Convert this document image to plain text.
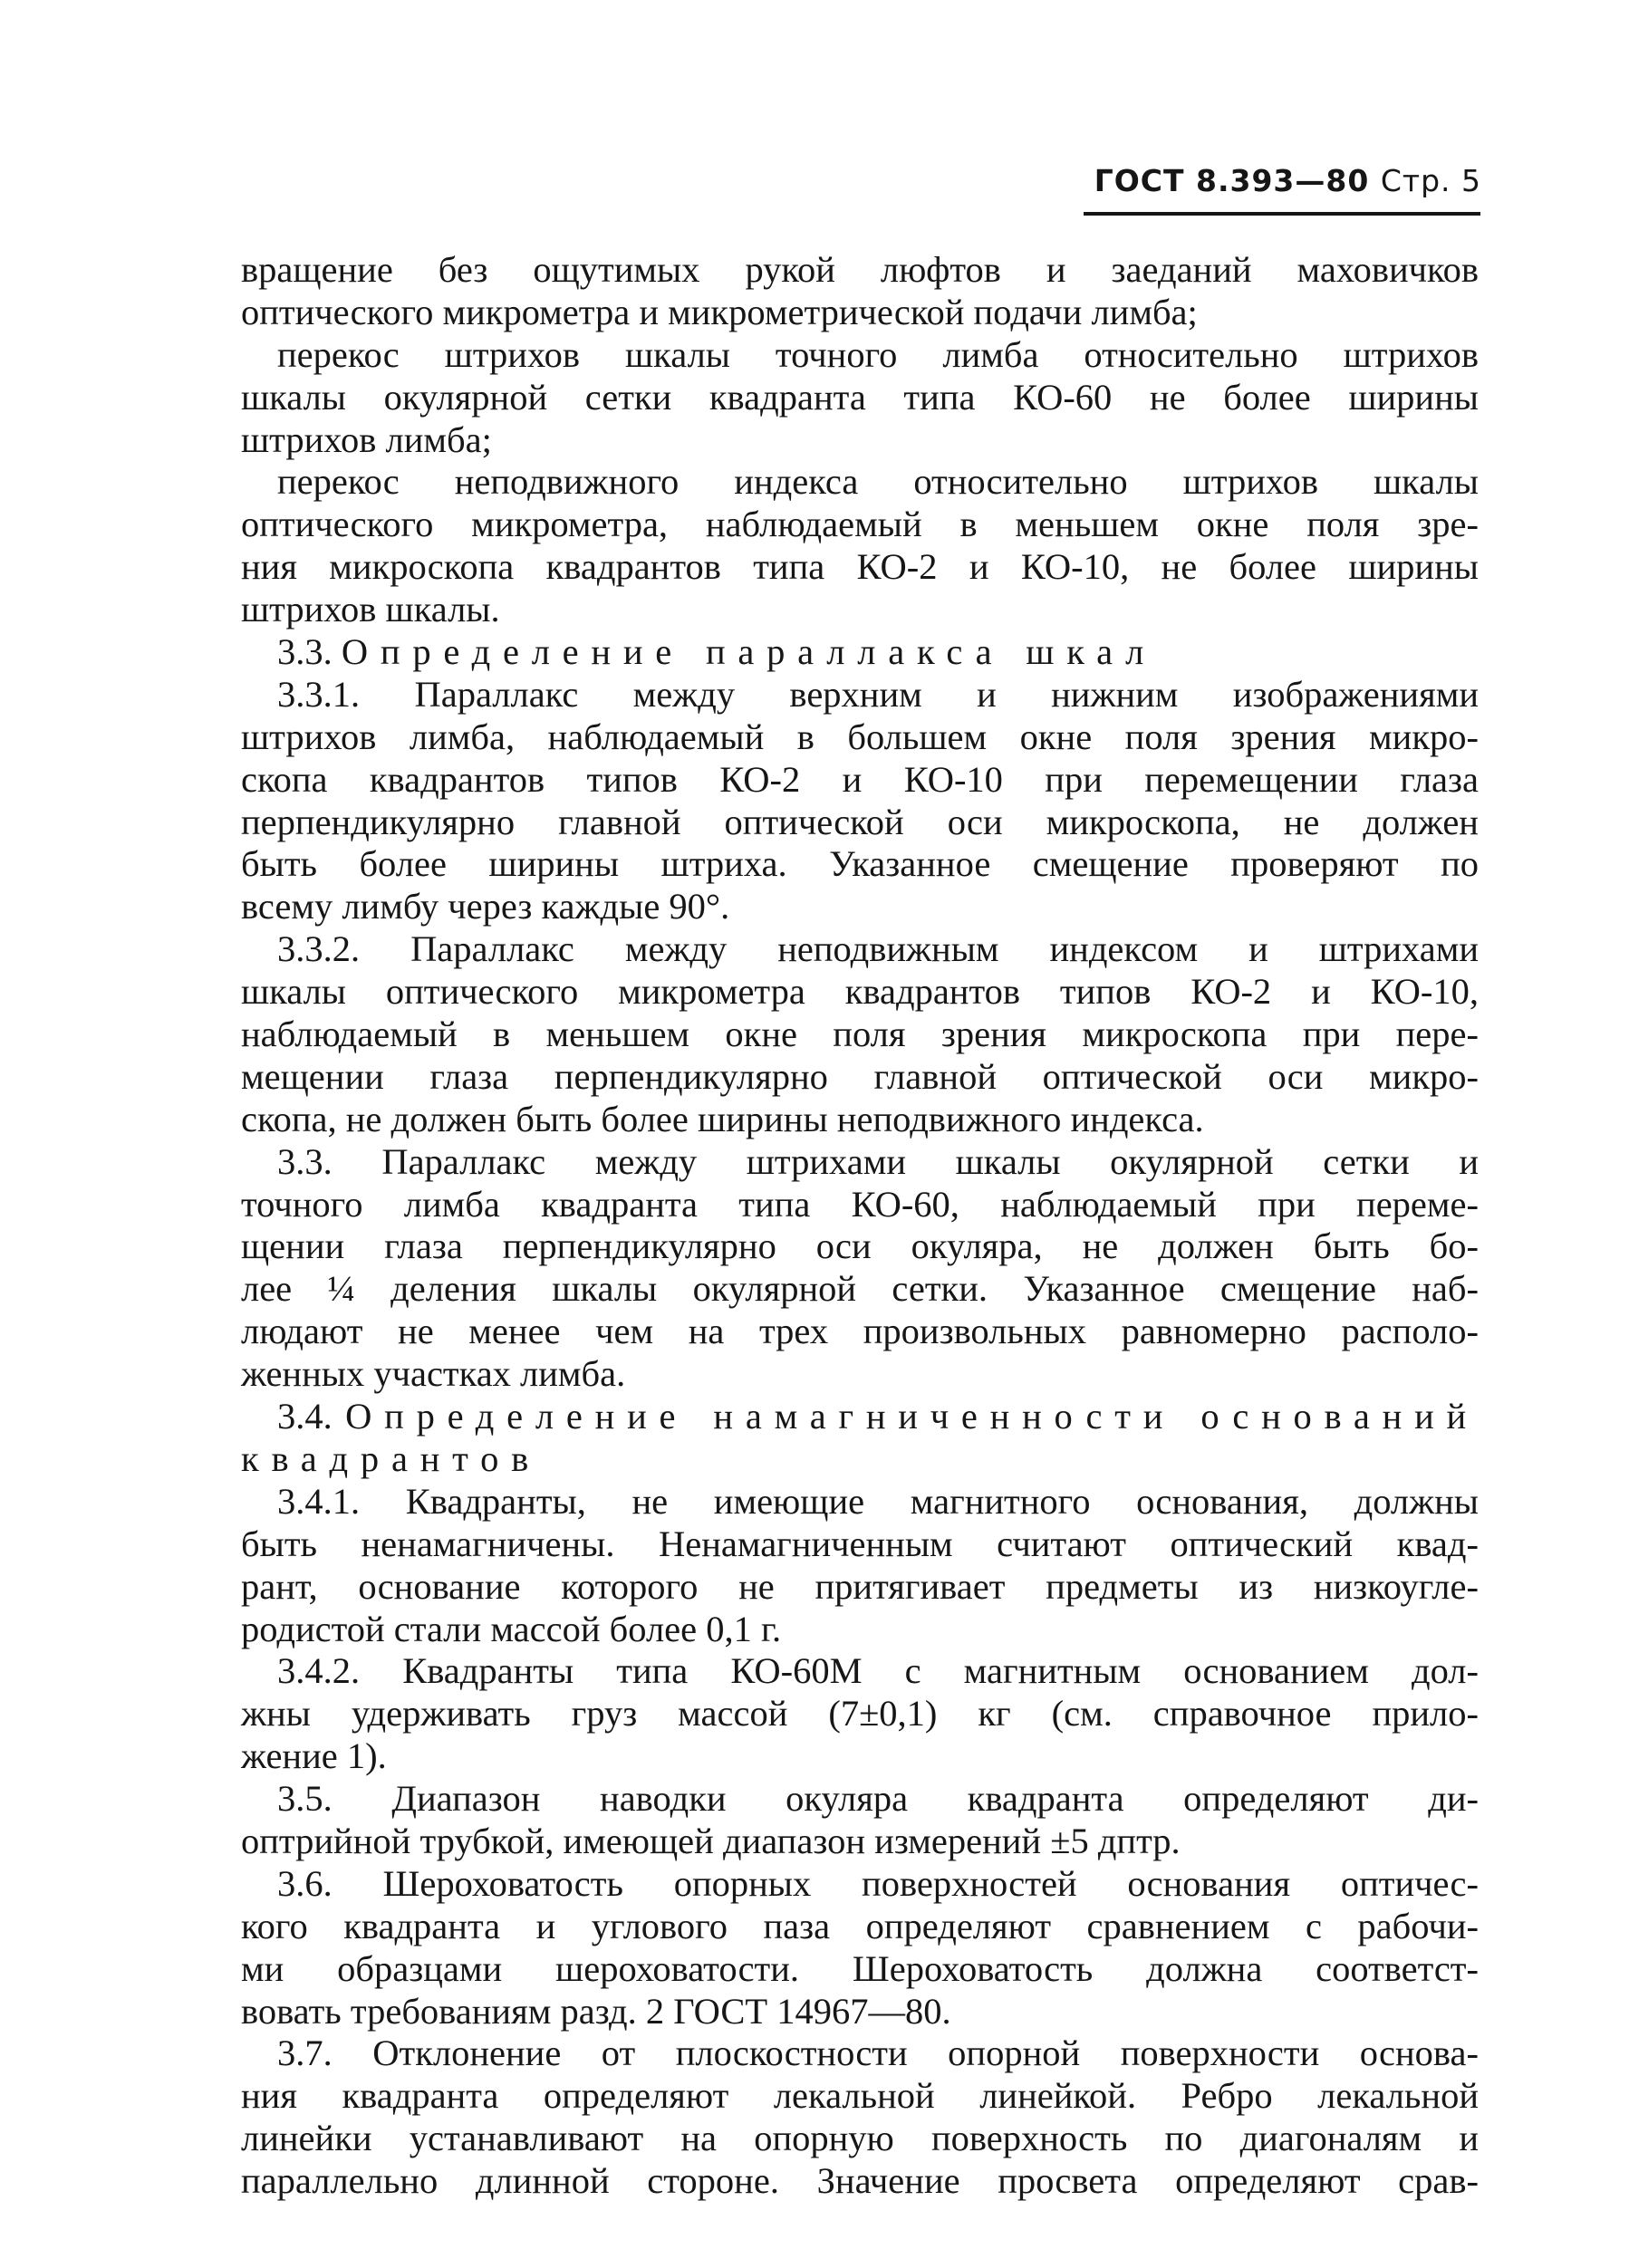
ГОСТ 8.393—80 Стр. 5
вращение без ощутимых рукой люфтов и заеданий маховичков
оптического микрометра и микрометрической подачи лимба;
перекос штрихов шкалы точного лимба относительно штрихов
шкалы окулярной сетки квадранта типа КО-60 не более ширины
штрихов лимба;
перекос неподвижного индекса относительно штрихов шкалы
оптического микрометра, наблюдаемый в меньшем окне поля зре-
ния микроскопа квадрантов типа КО-2 и КО-10, не более ширины
штрихов шкалы.
3.3. Определение параллакса шкал
3.3.1. Параллакс между верхним и нижним изображениями
штрихов лимба, наблюдаемый в большем окне поля зрения микро-
скопа квадрантов типов КО-2 и КО-10 при перемещении глаза
перпендикулярно главной оптической оси микроскопа, не должен
быть более ширины штриха. Указанное смещение проверяют по
всему лимбу через каждые 90°.
3.3.2. Параллакс между неподвижным индексом и штрихами
шкалы оптического микрометра квадрантов типов КО-2 и КО-10,
наблюдаемый в меньшем окне поля зрения микроскопа при пере-
мещении глаза перпендикулярно главной оптической оси микро-
скопа, не должен быть более ширины неподвижного индекса.
3.3. Параллакс между штрихами шкалы окулярной сетки и
точного лимба квадранта типа КО-60, наблюдаемый при переме-
щении глаза перпендикулярно оси окуляра, не должен быть бо-
лее ¼ деления шкалы окулярной сетки. Указанное смещение наб-
людают не менее чем на трех произвольных равномерно располо-
женных участках лимба.
3.4. Определение намагниченности оснований
квадрантов
3.4.1. Квадранты, не имеющие магнитного основания, должны
быть ненамагничены. Ненамагниченным считают оптический квад-
рант, основание которого не притягивает предметы из низкоугле-
родистой стали массой более 0,1 г.
3.4.2. Квадранты типа КО-60М с магнитным основанием дол-
жны удерживать груз массой (7±0,1) кг (см. справочное прило-
жение 1).
3.5. Диапазон наводки окуляра квадранта определяют ди-
оптрийной трубкой, имеющей диапазон измерений ±5 дптр.
3.6. Шероховатость опорных поверхностей основания оптичес-
кого квадранта и углового паза определяют сравнением с рабочи-
ми образцами шероховатости. Шероховатость должна соответст-
вовать требованиям разд. 2 ГОСТ 14967—80.
3.7. Отклонение от плоскостности опорной поверхности основа-
ния квадранта определяют лекальной линейкой. Ребро лекальной
линейки устанавливают на опорную поверхность по диагоналям и
параллельно длинной стороне. Значение просвета определяют срав-
